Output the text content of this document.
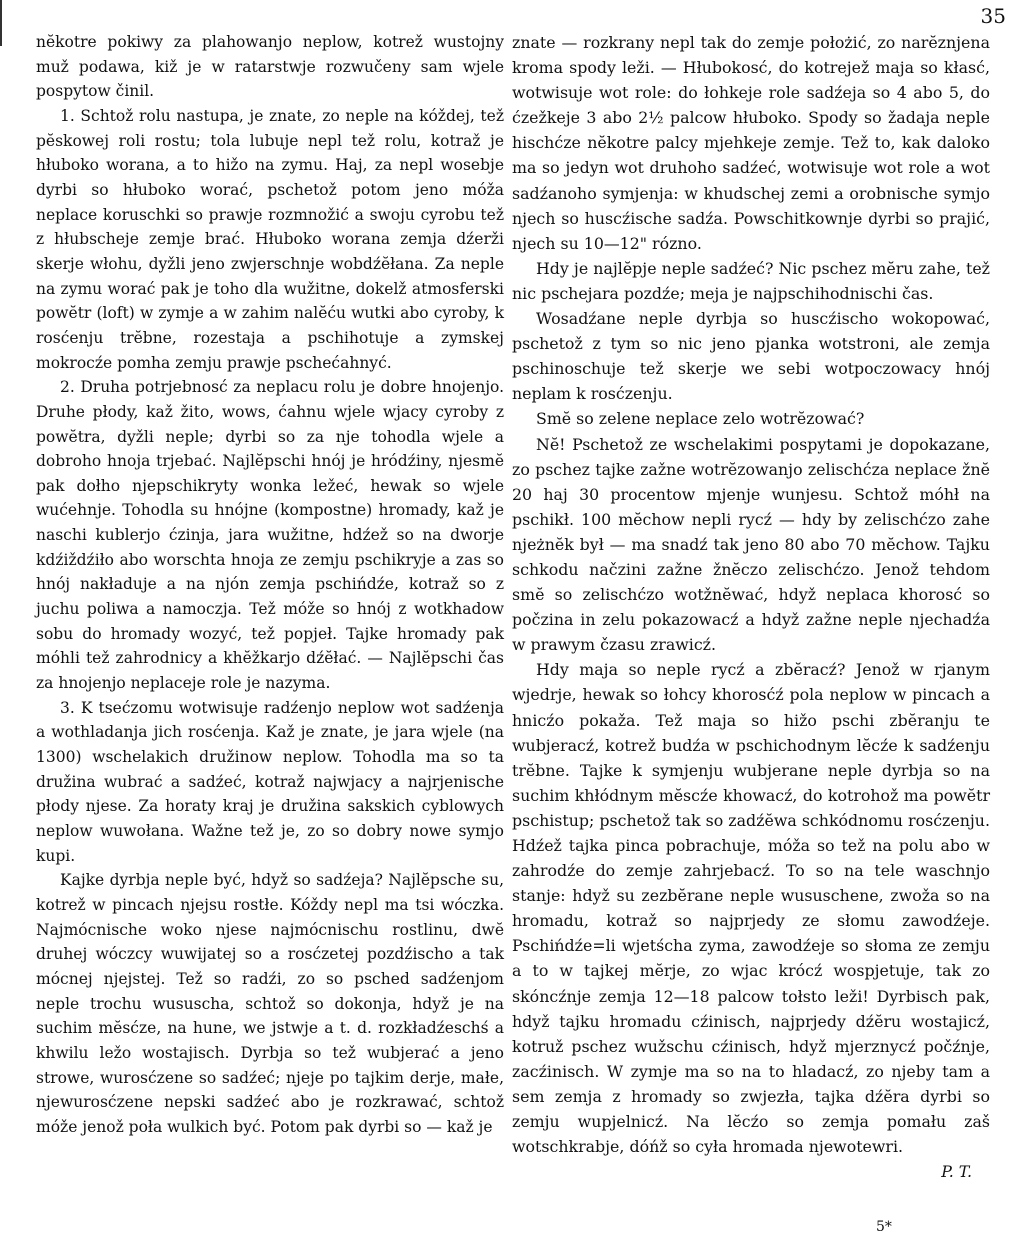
35

nĕkotre pokiwy za plahowanjo neplow, kotrež wustojny muž podawa, kiž je w ratarstwje rozwučeny sam wjele pospytow činil.

1. Schtož rolu nastupa, je znate, zo neple na kóždej, tež pĕskowej roli rostu; tola lubuje nepl tež rolu, kotraž je hłuboko worana, a to hižo na zymu. Haj, za nepl wosebje dyrbi so hłuboko worać, pschetož potom jeno móža neplace koruschki so prawje rozmnožić a swoju cyrobu tež z hłubscheje zemje brać. Hłuboko worana zemja dźerži skerje włohu, dyžli jeno zwjerschnje wobdźĕłana. Za neple na zymu worać pak je toho dla wužitne, dokelž atmosferski powĕtr (loft) w zymje a w zahim nalĕću wutki abo cyroby, k rosćenju trĕbne, rozestaja a pschihotuje a zymskej mokrocźe pomha zemju prawje pschećahnyć.

2. Druha potrjebnosć za neplacu rolu je dobre hnojenjo. Druhe płody, kaž žito, wows, ćahnu wjele wjacy cyroby z powĕtra, dyžli neple; dyrbi so za nje tohodla wjele a dobroho hnoja trjebać. Najlĕpschi hnój je hródźiny, njesmĕ pak dołho njepschikryty wonka ležeć, hewak so wjele wućehnje. Tohodla su hnójne (kompostne) hromady, kaž je naschi kublerjo ćzinja, jara wužitne, hdźež so na dworje kdźiždźiło abo worschta hnoja ze zemju pschikryje a zas so hnój nakładuje a na njón zemja pschińdźe, kotraž so z juchu poliwa a namoczja. Tež móže so hnój z wotkhadow sobu do hromady wozyć, tež popjeł. Tajke hromady pak móhli tež zahrodnicy a khĕžkarjo dźĕłać. — Najlĕpschi čas za hnojenjo neplaceje role je nazyma.

3. K tsećzomu wotwisuje radźenjo neplow wot sadźenja a wothladanja jich rosćenja. Kaž je znate, je jara wjele (na 1300) wschelakich družinow neplow. Tohodla ma so ta družina wubrać a sadźeć, kotraž najwjacy a najrjenische płody njese. Za horaty kraj je družina sakskich cyblowych neplow wuwołana. Wažne tež je, zo so dobry nowe symjo kupi.

Kajke dyrbja neple być, hdyž so sadźeja? Najlĕpsche su, kotrež w pincach njejsu rostłe. Kóždy nepl ma tsi wóczka. Najmócnische woko njese najmócnischu rostlinu, dwĕ druhej wóczcy wuwijatej so a rosćzetej pozdźischo a tak mócnej njejstej. Tež so radźi, zo so psched sadźenjom neple trochu wususcha, schtož so dokonja, hdyž je na suchim mĕsćze, na hune, we jstwje a t. d. rozkładźeschś a khwilu ležo wostajisch. Dyrbja so tež wubjerać a jeno strowe, wurosćzene so sadźeć; njeje po tajkim derje, małe, njewurosćzene nepski sadźeć abo je rozkrawać, schtož móže jenož poła wulkich być. Potom pak dyrbi so — kaž je

znate — rozkrany nepl tak do zemje położić, zo narĕznjena kroma spody leži. — Hłubokosć, do kotrejež maja so kłasć, wotwisuje wot role: do łohkeje role sadźeja so 4 abo 5, do ćzežkeje 3 abo 2½ palcow hłuboko. Spody so žadaja neple hischćze nĕkotre palcy mjehkeje zemje. Tež to, kak daloko ma so jedyn wot druhoho sadźeć, wotwisuje wot role a wot sadźanoho symjenja: w khudschej zemi a orobnische symjo njech so huscźische sadźa. Powschitkownje dyrbi so prajić, njech su 10—12" rózno.

Hdy je najlĕpje neple sadźeć? Nic pschez mĕru zahe, tež nic pschejara pozdźe; meja je najpschihodnischi čas.

Wosadźane neple dyrbja so huscźischo wokopować, pschetož z tym so nic jeno pjanka wotstroni, ale zemja pschinoschuje tež skerje we sebi wotpoczowacy hnój neplam k rosćzenju.

Smĕ so zelene neplace zelo wotrĕzować?

Nĕ! Pschetož ze wschelakimi pospytami je dopokazane, zo pschez tajke zažne wotrĕzowanjo zelischćza neplace žnĕ 20 haj 30 procentow mjenje wunjesu. Schtož móhł na pschikł. 100 mĕchow nepli rycź — hdy by zelischćzo zahe njeżnĕk był — ma snadź tak jeno 80 abo 70 mĕchow. Tajku schkodu načzini zažne žnĕczo zelischćzo. Jenož tehdom smĕ so zelischćzo wotžnĕwać, hdyž neplaca khorosć so počzina in zelu pokazowacź a hdyž zažne neple njechadźa w prawym čzasu zrawicź.

Hdy maja so neple rycź a zbĕracź? Jenož w rjanym wjedrje, hewak so łohcy khorosćź pola neplow w pincach a hnicźo pokaža. Tež maja so hižo pschi zbĕranju te wubjeracź, kotrež budźa w pschichodnym lĕcźe k sadźenju trĕbne. Tajke k symjenju wubjerane neple dyrbja so na suchim khłódnym mĕscźe khowacź, do kotrohož ma powĕtr pschistup; pschetož tak so zadźĕwa schkódnomu rosćzenju. Hdźež tajka pinca pobrachuje, móža so tež na polu abo w zahrodźe do zemje zahrjebacź. To so na tele waschnjo stanje: hdyž su zezbĕrane neple wususchene, zwoža so na hromadu, kotraž so najprjedy ze słomu zawodźeje. Pschińdźe=li wjetścha zyma, zawodźeje so słoma ze zemju a to w tajkej mĕrje, zo wjac krócź wospjetuje, tak zo skóncźnje zemja 12—18 palcow tołsto leži! Dyrbisch pak, hdyž tajku hromadu cźinisch, najprjedy dźĕru wostajicź, kotruž pschez wužschu cźinisch, hdyž mjerznycź počźnje, zacźinisch. W zymje ma so na to hladacź, zo njeby tam a sem zemja z hromady so zwjezła, tajka dźĕra dyrbi so zemju wupjelnicź. Na lĕcźo so zemja pomału zaš wotschkrabje, dóńž so cyła hromada njewotewri.

P. T.

5*
